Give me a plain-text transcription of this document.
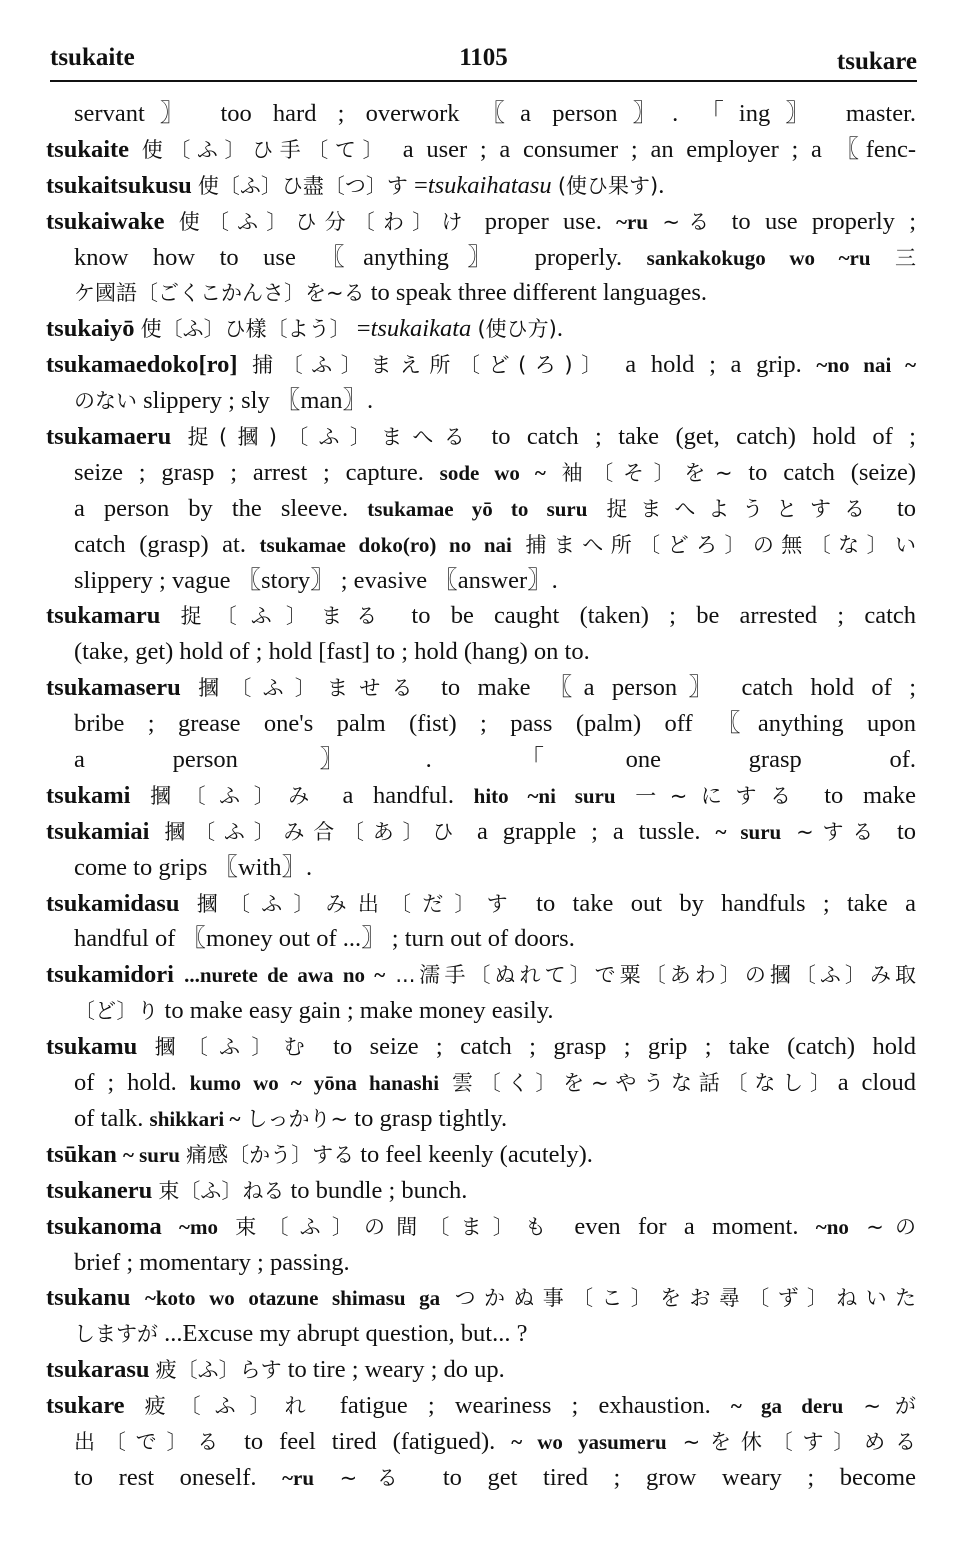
tsukaite	1105	tsukare
servant〗 too hard ; overwork 〖a person〗. 「ing〗 master.
tsukaite 使〔ふ〕ひ手〔て〕 a user ; a consumer ; an employer ; a 〖fenc-
tsukaitsukusu 使〔ふ〕ひ盡〔つ〕す =tsukaihatasu (使ひ果す).
tsukaiwake 使〔ふ〕ひ分〔わ〕け proper use. ~ru ~る to use properly ;
know how to use 〖anything〗 properly. sankakokugo wo ~ru 三
ケ國語〔ごくこかんさ〕を~る to speak three different languages.
tsukaiyō 使〔ふ〕ひ樣〔よう〕 =tsukaikata (使ひ方).
tsukamaedoko[ro] 捕〔ふ〕まえ所〔ど(ろ)〕 a hold ; a grip. ~no nai ~
のない slippery ; sly 〖man〗.
tsukamaeru 捉(摑)〔ふ〕まへる to catch ; take (get, catch) hold of ;
seize ; grasp ; arrest ; capture. sode wo ~ 袖〔そ〕を~ to catch (seize)
a person by the sleeve. tsukamae yō to suru 捉まへようとする to
catch (grasp) at. tsukamae doko(ro) no nai 捕まへ所〔どろ〕の無〔な〕い
slippery ; vague 〖story〗 ; evasive 〖answer〗.
tsukamaru 捉〔ふ〕まる to be caught (taken) ; be arrested ; catch
(take, get) hold of ; hold [fast] to ; hold (hang) on to.
tsukamaseru 摑〔ふ〕ませる to make 〖a person〗 catch hold of ;
bribe ; grease one's palm (fist) ; pass (palm) off 〖anything upon
a person〗. 「one grasp of.
tsukami 摑〔ふ〕み a handful. hito ~ni suru 一~にする to make
tsukamiai 摑〔ふ〕み合〔あ〕ひ a grapple ; a tussle. ~ suru ~する to
come to grips 〖with〗.
tsukamidasu 摑〔ふ〕み出〔だ〕す to take out by handfuls ; take a
handful of 〖money out of ...〗 ; turn out of doors.
tsukamidori ...nurete de awa no ~ ...濡手〔ぬれて〕で粟〔あわ〕の摑〔ふ〕み取
〔ど〕り to make easy gain ; make money easily.
tsukamu 摑〔ふ〕む to seize ; catch ; grasp ; grip ; take (catch) hold
of ; hold. kumo wo ~ yōna hanashi 雲〔く〕を~やうな話〔なし〕a cloud
of talk. shikkari ~ しっかり~ to grasp tightly.
tsūkan ~ suru 痛感〔かう〕する to feel keenly (acutely).
tsukaneru 束〔ふ〕ねる to bundle ; bunch.
tsukanoma ~mo 束〔ふ〕の間〔ま〕も even for a moment. ~no ~の
brief ; momentary ; passing.
tsukanu ~koto wo otazune shimasu ga つかぬ事〔こ〕をお尋〔ず〕ねいた
しますが ...Excuse my abrupt question, but... ?
tsukarasu 疲〔ふ〕らす to tire ; weary ; do up.
tsukare 疲〔ふ〕れ fatigue ; weariness ; exhaustion. ~ ga deru ~が
出〔で〕る to feel tired (fatigued). ~ wo yasumeru ~を休〔す〕める
to rest oneself. ~ru ~る to get tired ; grow weary ; become
